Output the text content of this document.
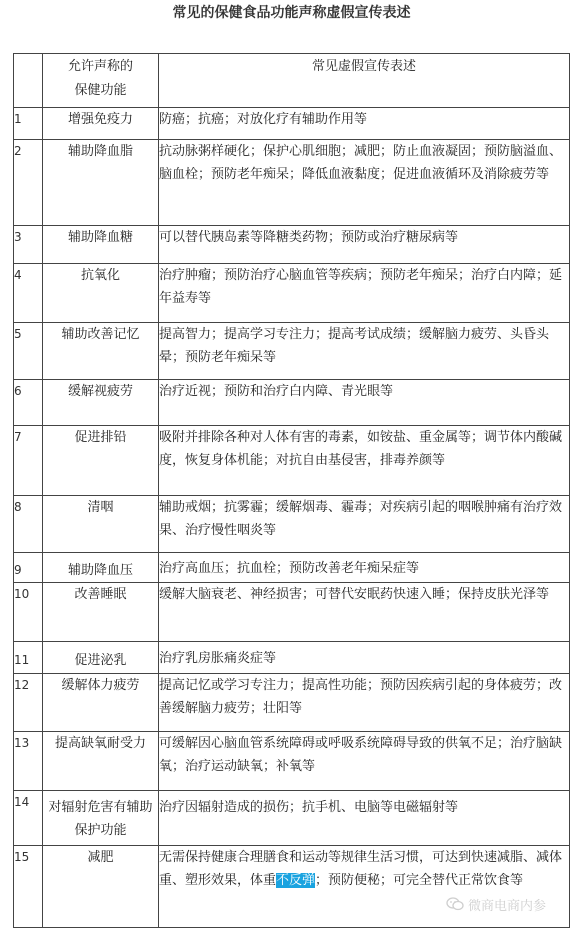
常见的保健食品功能声称虚假宣传表述

	允许声称的
保健功能	常见虚假宣传表述

1	增强免疫力	防癌；抗癌；对放化疗有辅助作用等
2	辅助降血脂	抗动脉粥样硬化；保护心肌细胞；减肥；防止血液凝固；预防脑溢血、脑血栓；预防老年痴呆；降低血液黏度；促进血液循环及消除疲劳等
3	辅助降血糖	可以替代胰岛素等降糖类药物；预防或治疗糖尿病等
4	抗氧化	治疗肿瘤；预防治疗心脑血管等疾病；预防老年痴呆；治疗白内障；延年益寿等
5	辅助改善记忆	提高智力；提高学习专注力；提高考试成绩；缓解脑力疲劳、头昏头晕；预防老年痴呆等
6	缓解视疲劳	治疗近视；预防和治疗白内障、青光眼等
7	促进排铅	吸附并排除各种对人体有害的毒素，如铵盐、重金属等；调节体内酸碱度，恢复身体机能；对抗自由基侵害，排毒养颜等
8	清咽	辅助戒烟；抗雾霾；缓解烟毒、霾毒；对疾病引起的咽喉肿痛有治疗效果、治疗慢性咽炎等
9	辅助降血压	治疗高血压；抗血栓；预防改善老年痴呆症等
10	改善睡眠	缓解大脑衰老、神经损害；可替代安眠药快速入睡；保持皮肤光泽等
11	促进泌乳	治疗乳房胀痛炎症等
12	缓解体力疲劳	提高记忆或学习专注力；提高性功能；预防因疾病引起的身体疲劳；改善缓解脑力疲劳；壮阳等
13	提高缺氧耐受力	可缓解因心脑血管系统障碍或呼吸系统障碍导致的供氧不足；治疗脑缺氧；治疗运动缺氧；补氧等
14	对辐射危害有辅助保护功能	治疗因辐射造成的损伤；抗手机、电脑等电磁辐射等
15	减肥	无需保持健康合理膳食和运动等规律生活习惯，可达到快速减脂、减体重、塑形效果，体重不反弹；预防便秘；可完全替代正常饮食等
微商电商内参
